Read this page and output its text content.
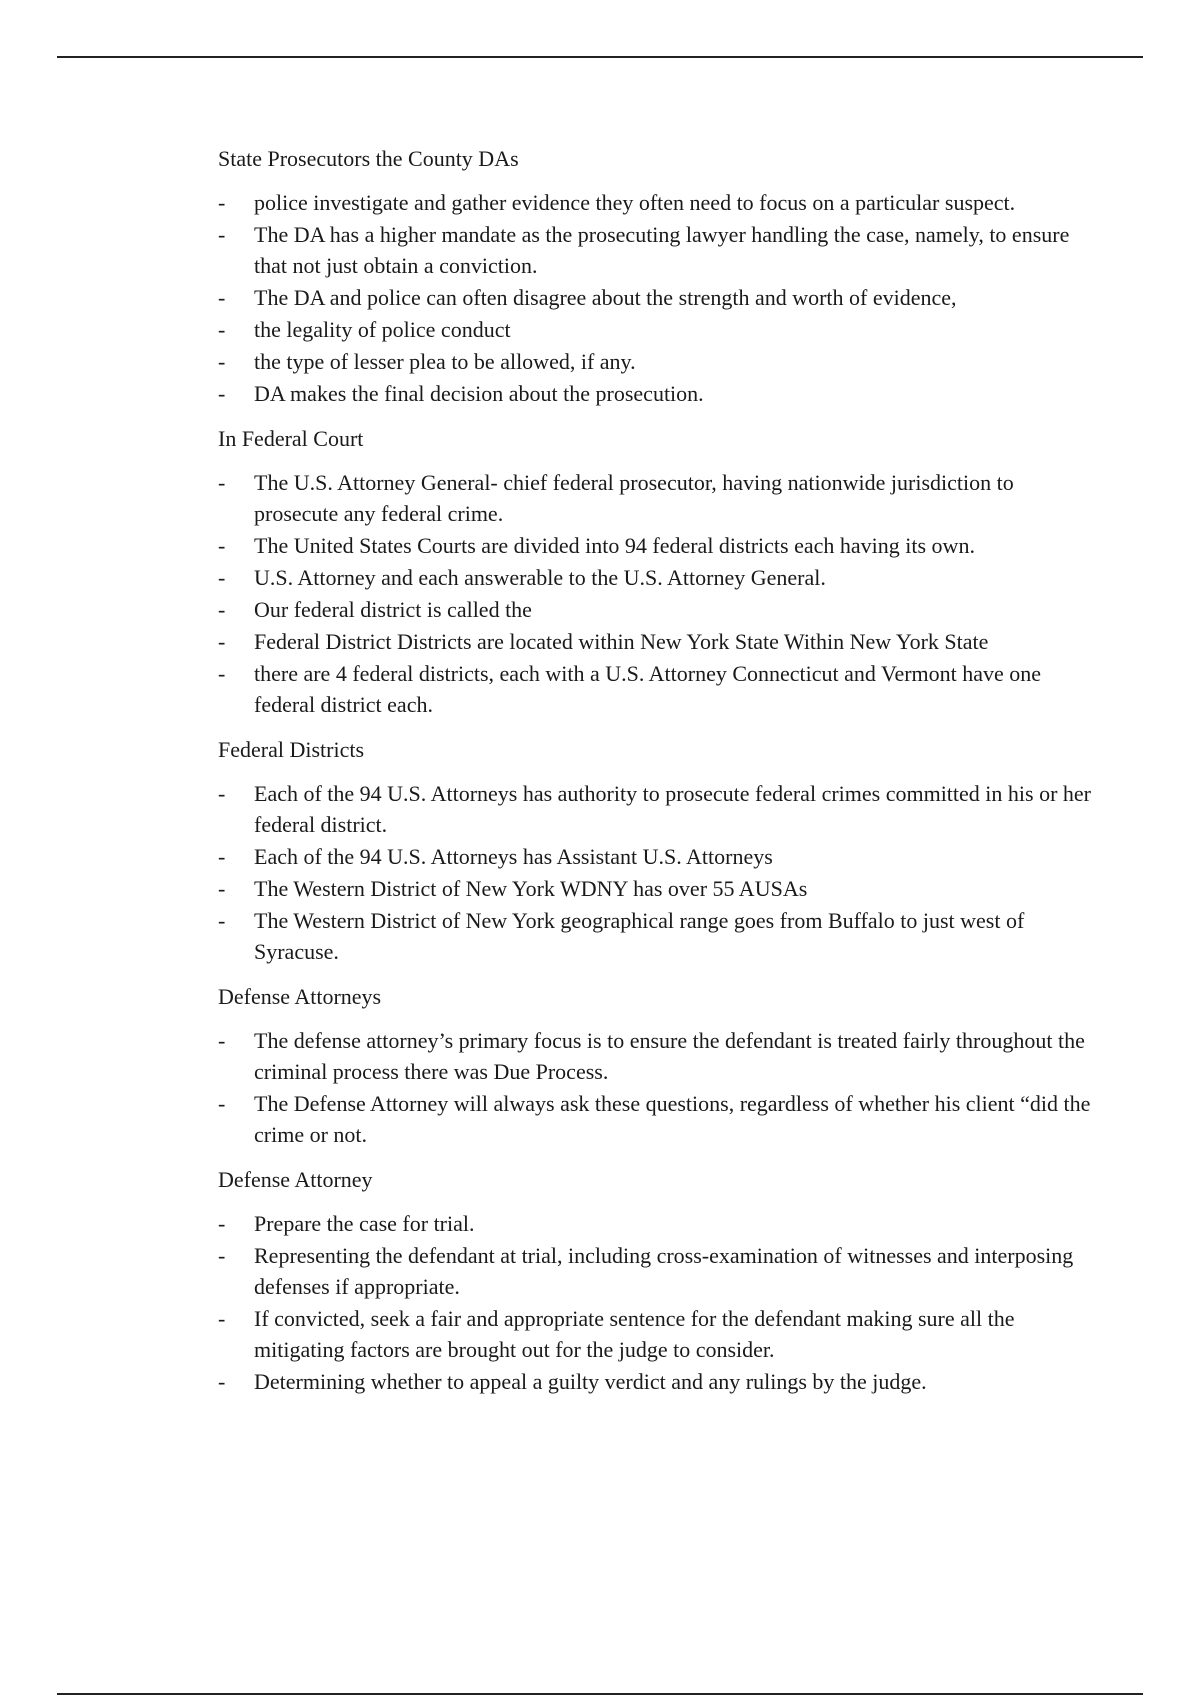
State Prosecutors the County DAs

-	police investigate and gather evidence they often need to focus on a particular suspect.
-	The DA has a higher mandate as the prosecuting lawyer handling the case, namely, to ensure that not just obtain a conviction.
-	The DA and police can often disagree about the strength and worth of evidence,
-	the legality of police conduct
-	the type of lesser plea to be allowed, if any.
-	DA makes the final decision about the prosecution.

In Federal Court

-	The U.S. Attorney General- chief federal prosecutor, having nationwide jurisdiction to prosecute any federal crime.
-	The United States Courts are divided into 94 federal districts each having its own.
-	U.S. Attorney and each answerable to the U.S. Attorney General.
-	Our federal district is called the
-	Federal District Districts are located within New York State Within New York State
-	there are 4 federal districts, each with a U.S. Attorney Connecticut and Vermont have one federal district each.

Federal Districts

-	Each of the 94 U.S. Attorneys has authority to prosecute federal crimes committed in his or her federal district.
-	Each of the 94 U.S. Attorneys has Assistant U.S. Attorneys
-	The Western District of New York WDNY has over 55 AUSAs
-	The Western District of New York geographical range goes from Buffalo to just west of Syracuse.

Defense Attorneys

-	The defense attorney’s primary focus is to ensure the defendant is treated fairly throughout the criminal process there was Due Process.
-	The Defense Attorney will always ask these questions, regardless of whether his client “did the crime or not.

Defense Attorney

-	Prepare the case for trial.
-	Representing the defendant at trial, including cross-examination of witnesses and interposing defenses if appropriate.
-	If convicted, seek a fair and appropriate sentence for the defendant making sure all the mitigating factors are brought out for the judge to consider.
-	Determining whether to appeal a guilty verdict and any rulings by the judge.
